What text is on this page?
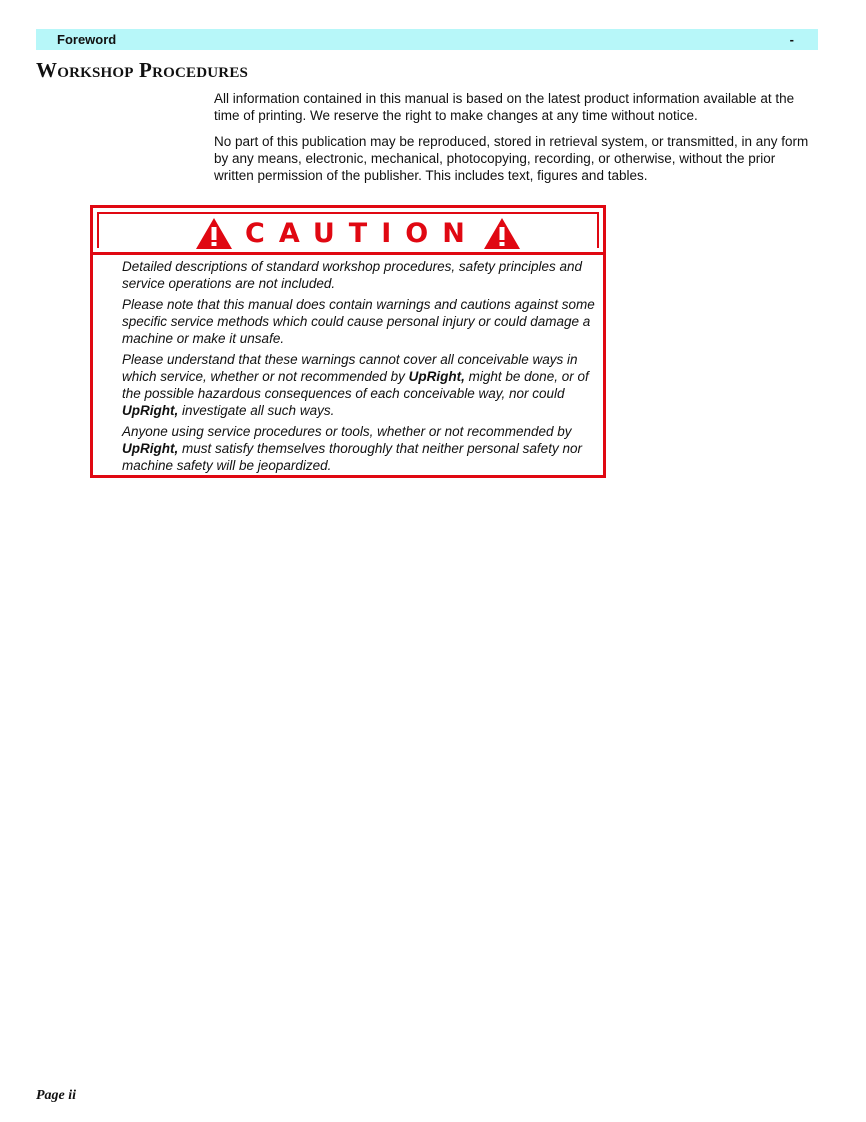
Foreword	-
Workshop Procedures

All information contained in this manual is based on the latest product information available at the time of printing. We reserve the right to make changes at any time without notice.

No part of this publication may be reproduced, stored in retrieval system, or transmitted, in any form by any means, electronic, mechanical, photocopying, recording, or otherwise, without the prior written permission of the publisher. This includes text, figures and tables.

CAUTION

Detailed descriptions of standard workshop procedures, safety principles and service operations are not included.

Please note that this manual does contain warnings and cautions against some specific service methods which could cause personal injury or could damage a machine or make it unsafe.

Please understand that these warnings cannot cover all conceivable ways in which service, whether or not recommended by UpRight, might be done, or of the possible hazardous consequences of each conceivable way, nor could UpRight, investigate all such ways.

Anyone using service procedures or tools, whether or not recommended by UpRight, must satisfy themselves thoroughly that neither personal safety nor machine safety will be jeopardized.

Page ii
